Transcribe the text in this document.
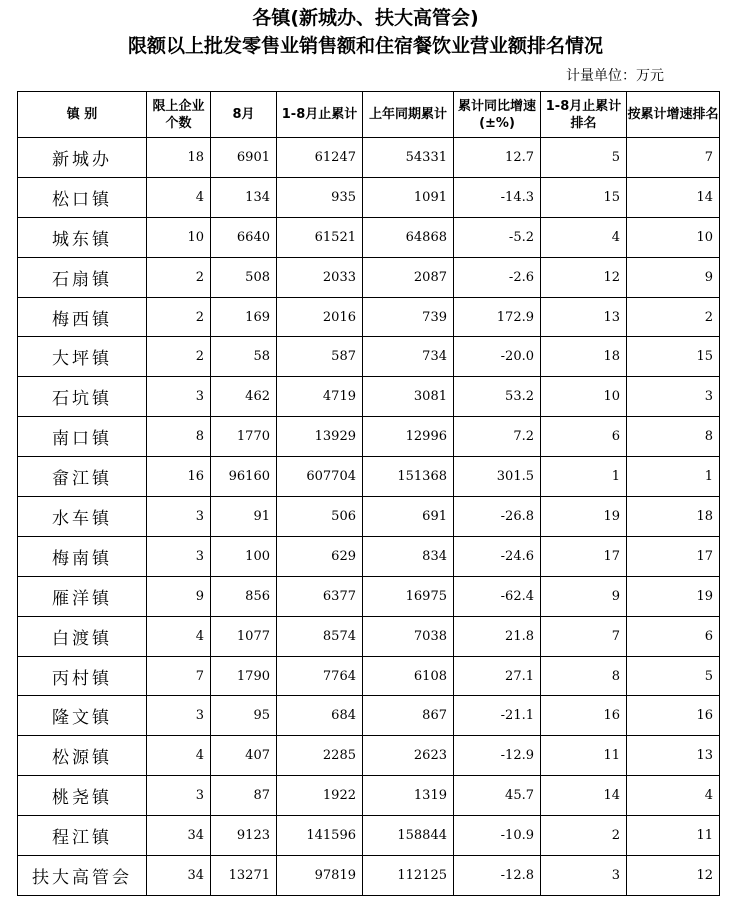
各镇(新城办、扶大高管会)
限额以上批发零售业销售额和住宿餐饮业营业额排名情况
计量单位：万元
镇 别	限上企业个数	8月	1-8月止累计	上年同期累计	累计同比增速(±%)	1-8月止累计排名	按累计增速排名
新城办	18	6901	61247	54331	12.7	5	7
松口镇	4	134	935	1091	-14.3	15	14
城东镇	10	6640	61521	64868	-5.2	4	10
石扇镇	2	508	2033	2087	-2.6	12	9
梅西镇	2	169	2016	739	172.9	13	2
大坪镇	2	58	587	734	-20.0	18	15
石坑镇	3	462	4719	3081	53.2	10	3
南口镇	8	1770	13929	12996	7.2	6	8
畲江镇	16	96160	607704	151368	301.5	1	1
水车镇	3	91	506	691	-26.8	19	18
梅南镇	3	100	629	834	-24.6	17	17
雁洋镇	9	856	6377	16975	-62.4	9	19
白渡镇	4	1077	8574	7038	21.8	7	6
丙村镇	7	1790	7764	6108	27.1	8	5
隆文镇	3	95	684	867	-21.1	16	16
松源镇	4	407	2285	2623	-12.9	11	13
桃尧镇	3	87	1922	1319	45.7	14	4
程江镇	34	9123	141596	158844	-10.9	2	11
扶大高管会	34	13271	97819	112125	-12.8	3	12
